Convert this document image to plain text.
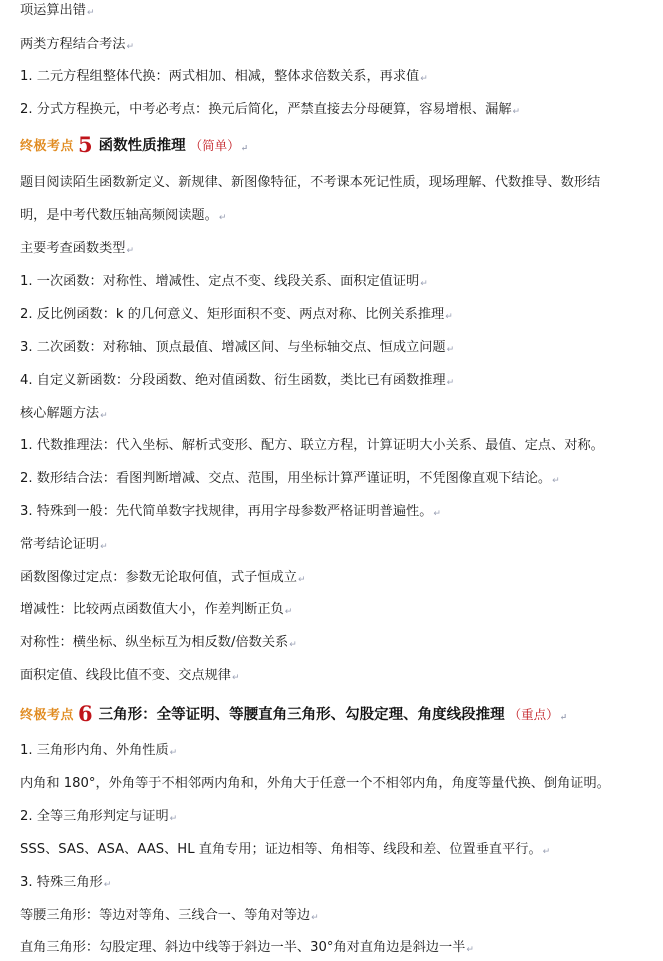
项运算出错↵
两类方程结合考法↵
1. 二元方程组整体代换：两式相加、相减，整体求倍数关系，再求值↵
2. 分式方程换元，中考必考点：换元后简化，严禁直接去分母硬算，容易增根、漏解↵
终极考点 5 函数性质推理 （简单）↵
题目阅读陌生函数新定义、新规律、新图像特征，不考课本死记性质，现场理解、代数推导、数形结
明，是中考代数压轴高频阅读题。↵
主要考查函数类型↵
1. 一次函数：对称性、增减性、定点不变、线段关系、面积定值证明↵
2. 反比例函数：k 的几何意义、矩形面积不变、两点对称、比例关系推理↵
3. 二次函数：对称轴、顶点最值、增减区间、与坐标轴交点、恒成立问题↵
4. 自定义新函数：分段函数、绝对值函数、衍生函数，类比已有函数推理↵
核心解题方法↵
1. 代数推理法：代入坐标、解析式变形、配方、联立方程，计算证明大小关系、最值、定点、对称。
2. 数形结合法：看图判断增减、交点、范围，用坐标计算严谨证明，不凭图像直观下结论。↵
3. 特殊到一般：先代简单数字找规律，再用字母参数严格证明普遍性。↵
常考结论证明↵
函数图像过定点：参数无论取何值，式子恒成立↵
增减性：比较两点函数值大小，作差判断正负↵
对称性：横坐标、纵坐标互为相反数/倍数关系↵
面积定值、线段比值不变、交点规律↵
终极考点 6 三角形：全等证明、等腰直角三角形、勾股定理、角度线段推理 （重点）↵
1. 三角形内角、外角性质↵
内角和 180°，外角等于不相邻两内角和，外角大于任意一个不相邻内角，角度等量代换、倒角证明。
2. 全等三角形判定与证明↵
SSS、SAS、ASA、AAS、HL 直角专用；证边相等、角相等、线段和差、位置垂直平行。↵
3. 特殊三角形↵
等腰三角形：等边对等角、三线合一、等角对等边↵
直角三角形：勾股定理、斜边中线等于斜边一半、30°角对直角边是斜边一半↵
